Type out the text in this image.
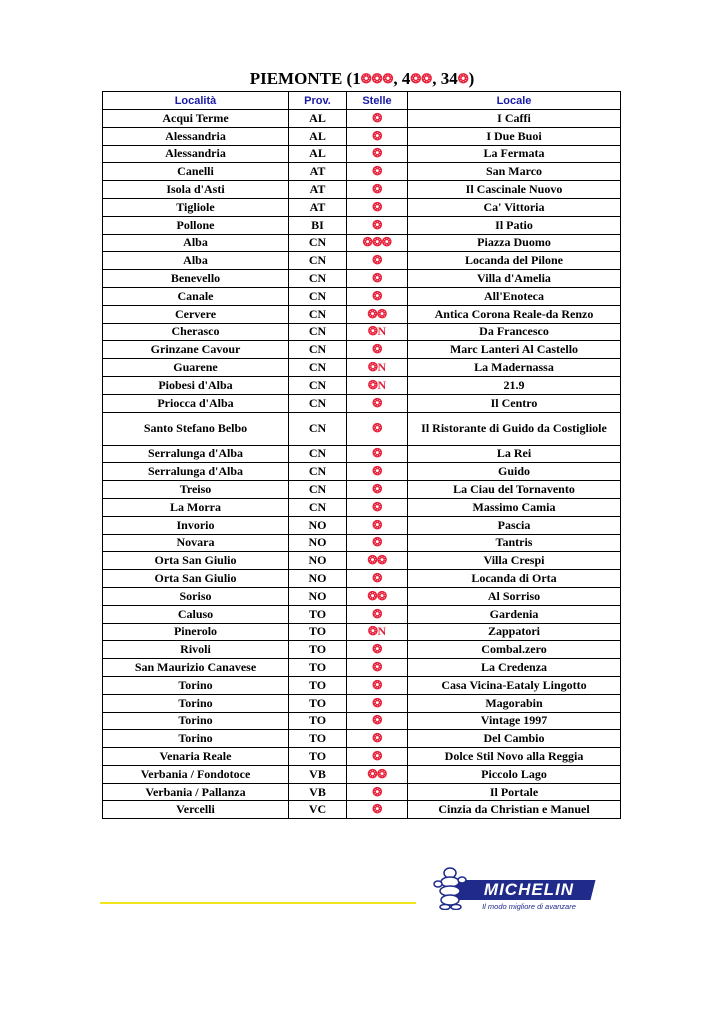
PIEMONTE (1❂❂❂, 4❂❂, 34❂)
Località	Prov.	Stelle	Locale
Acqui Terme	AL	❂	I Caffi
Alessandria	AL	❂	I Due Buoi
Alessandria	AL	❂	La Fermata
Canelli	AT	❂	San Marco
Isola d'Asti	AT	❂	Il Cascinale Nuovo
Tigliole	AT	❂	Ca' Vittoria
Pollone	BI	❂	Il Patio
Alba	CN	❂❂❂	Piazza Duomo
Alba	CN	❂	Locanda del Pilone
Benevello	CN	❂	Villa d'Amelia
Canale	CN	❂	All'Enoteca
Cervere	CN	❂❂	Antica Corona Reale-da Renzo
Cherasco	CN	❂N	Da Francesco
Grinzane Cavour	CN	❂	Marc Lanteri Al Castello
Guarene	CN	❂N	La Madernassa
Piobesi d'Alba	CN	❂N	21.9
Priocca d'Alba	CN	❂	Il Centro
Santo Stefano Belbo	CN	❂	Il Ristorante di Guido da Costigliole
Serralunga d'Alba	CN	❂	La Rei
Serralunga d'Alba	CN	❂	Guido
Treiso	CN	❂	La Ciau del Tornavento
La Morra	CN	❂	Massimo Camia
Invorio	NO	❂	Pascia
Novara	NO	❂	Tantris
Orta San Giulio	NO	❂❂	Villa Crespi
Orta San Giulio	NO	❂	Locanda di Orta
Soriso	NO	❂❂	Al Sorriso
Caluso	TO	❂	Gardenia
Pinerolo	TO	❂N	Zappatori
Rivoli	TO	❂	Combal.zero
San Maurizio Canavese	TO	❂	La Credenza
Torino	TO	❂	Casa Vicina-Eataly Lingotto
Torino	TO	❂	Magorabin
Torino	TO	❂	Vintage 1997
Torino	TO	❂	Del Cambio
Venaria Reale	TO	❂	Dolce Stil Novo alla Reggia
Verbania / Fondotoce	VB	❂❂	Piccolo Lago
Verbania / Pallanza	VB	❂	Il Portale
Vercelli	VC	❂	Cinzia da Christian e Manuel
MICHELIN
Il modo migliore di avanzare
